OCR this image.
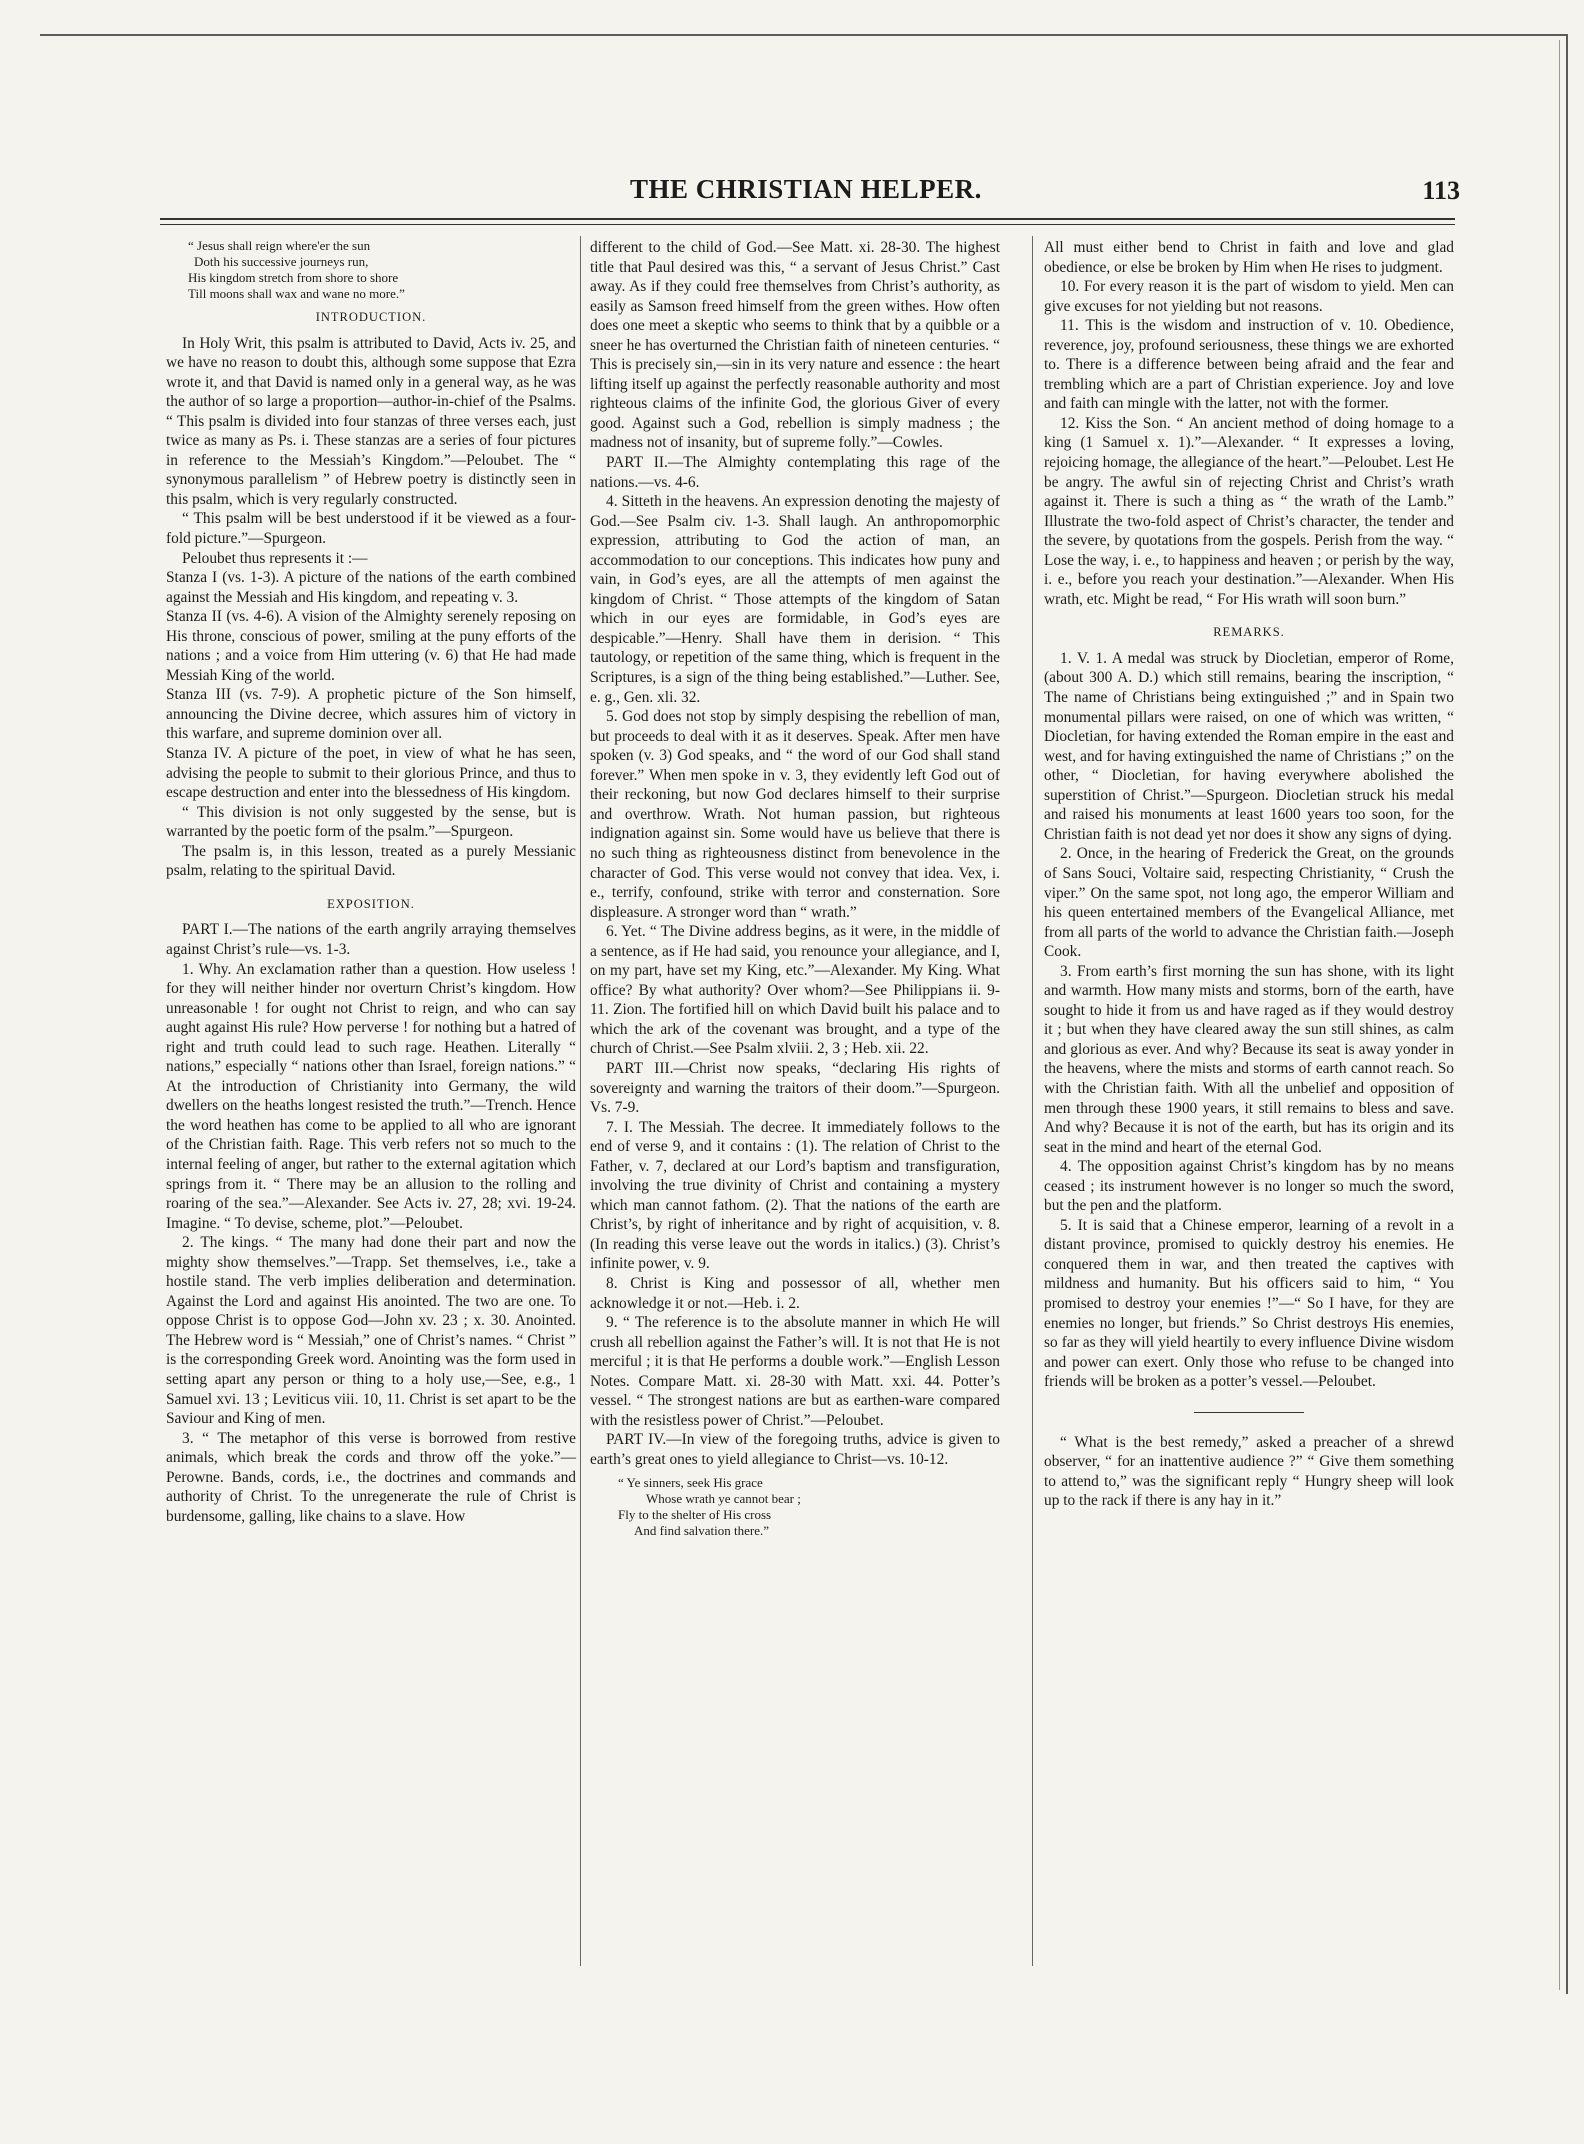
THE CHRISTIAN HELPER.	113
“ Jesus shall reign where'er the sun
Doth his successive journeys run,
His kingdom stretch from shore to shore
Till moons shall wax and wane no more.”
INTRODUCTION.

In Holy Writ, this psalm is attributed to David, Acts iv. 25, and we have no reason to doubt this, although some suppose that Ezra wrote it, and that David is named only in a general way, as he was the author of so large a proportion—author-in-chief of the Psalms. “ This psalm is divided into four stanzas of three verses each, just twice as many as Ps. i. These stanzas are a series of four pictures in reference to the Messiah’s Kingdom.”—Peloubet. The “ synonymous parallelism ” of Hebrew poetry is distinctly seen in this psalm, which is very regularly constructed.

“ This psalm will be best understood if it be viewed as a four-fold picture.”—Spurgeon.

Peloubet thus represents it :—

Stanza I (vs. 1-3). A picture of the nations of the earth combined against the Messiah and His kingdom, and repeating v. 3.

Stanza II (vs. 4-6). A vision of the Almighty serenely reposing on His throne, conscious of power, smiling at the puny efforts of the nations ; and a voice from Him uttering (v. 6) that He had made Messiah King of the world.

Stanza III (vs. 7-9). A prophetic picture of the Son himself, announcing the Divine decree, which assures him of victory in this warfare, and supreme dominion over all.

Stanza IV. A picture of the poet, in view of what he has seen, advising the people to submit to their glorious Prince, and thus to escape destruction and enter into the blessedness of His kingdom.

“ This division is not only suggested by the sense, but is warranted by the poetic form of the psalm.”—Spurgeon.

The psalm is, in this lesson, treated as a purely Messianic psalm, relating to the spiritual David.

EXPOSITION.

PART I.—The nations of the earth angrily arraying themselves against Christ’s rule—vs. 1-3.

1. Why. An exclamation rather than a question. How useless ! for they will neither hinder nor overturn Christ’s kingdom. How unreasonable ! for ought not Christ to reign, and who can say aught against His rule? How perverse ! for nothing but a hatred of right and truth could lead to such rage. Heathen. Literally “ nations,” especially “ nations other than Israel, foreign nations.” “ At the introduction of Christianity into Germany, the wild dwellers on the heaths longest resisted the truth.”—Trench. Hence the word heathen has come to be applied to all who are ignorant of the Christian faith. Rage. This verb refers not so much to the internal feeling of anger, but rather to the external agitation which springs from it. “ There may be an allusion to the rolling and roaring of the sea.”—Alexander. See Acts iv. 27, 28; xvi. 19-24. Imagine. “ To devise, scheme, plot.”—Peloubet.

2. The kings. “ The many had done their part and now the mighty show themselves.”—Trapp. Set themselves, i.e., take a hostile stand. The verb implies deliberation and determination. Against the Lord and against His anointed. The two are one. To oppose Christ is to oppose God—John xv. 23 ; x. 30. Anointed. The Hebrew word is “ Messiah,” one of Christ’s names. “ Christ ” is the corresponding Greek word. Anointing was the form used in setting apart any person or thing to a holy use,—See, e.g., 1 Samuel xvi. 13 ; Leviticus viii. 10, 11. Christ is set apart to be the Saviour and King of men.

3. “ The metaphor of this verse is borrowed from restive animals, which break the cords and throw off the yoke.”—Perowne. Bands, cords, i.e., the doctrines and commands and authority of Christ. To the unregenerate the rule of Christ is burdensome, galling, like chains to a slave. How

different to the child of God.—See Matt. xi. 28-30. The highest title that Paul desired was this, “ a servant of Jesus Christ.” Cast away. As if they could free themselves from Christ’s authority, as easily as Samson freed himself from the green withes. How often does one meet a skeptic who seems to think that by a quibble or a sneer he has overturned the Christian faith of nineteen centuries. “ This is precisely sin,—sin in its very nature and essence : the heart lifting itself up against the perfectly reasonable authority and most righteous claims of the infinite God, the glorious Giver of every good. Against such a God, rebellion is simply madness ; the madness not of insanity, but of supreme folly.”—Cowles.

PART II.—The Almighty contemplating this rage of the nations.—vs. 4-6.

4. Sitteth in the heavens. An expression denoting the majesty of God.—See Psalm civ. 1-3. Shall laugh. An anthropomorphic expression, attributing to God the action of man, an accommodation to our conceptions. This indicates how puny and vain, in God’s eyes, are all the attempts of men against the kingdom of Christ. “ Those attempts of the kingdom of Satan which in our eyes are formidable, in God’s eyes are despicable.”—Henry. Shall have them in derision. “ This tautology, or repetition of the same thing, which is frequent in the Scriptures, is a sign of the thing being established.”—Luther. See, e. g., Gen. xli. 32.

5. God does not stop by simply despising the rebellion of man, but proceeds to deal with it as it deserves. Speak. After men have spoken (v. 3) God speaks, and “ the word of our God shall stand forever.” When men spoke in v. 3, they evidently left God out of their reckoning, but now God declares himself to their surprise and overthrow. Wrath. Not human passion, but righteous indignation against sin. Some would have us believe that there is no such thing as righteousness distinct from benevolence in the character of God. This verse would not convey that idea. Vex, i. e., terrify, confound, strike with terror and consternation. Sore displeasure. A stronger word than “ wrath.”

6. Yet. “ The Divine address begins, as it were, in the middle of a sentence, as if He had said, you renounce your allegiance, and I, on my part, have set my King, etc.”—Alexander. My King. What office? By what authority? Over whom?—See Philippians ii. 9-11. Zion. The fortified hill on which David built his palace and to which the ark of the covenant was brought, and a type of the church of Christ.—See Psalm xlviii. 2, 3 ; Heb. xii. 22.

PART III.—Christ now speaks, “declaring His rights of sovereignty and warning the traitors of their doom.”—Spurgeon. Vs. 7-9.

7. I. The Messiah. The decree. It immediately follows to the end of verse 9, and it contains : (1). The relation of Christ to the Father, v. 7, declared at our Lord’s baptism and transfiguration, involving the true divinity of Christ and containing a mystery which man cannot fathom. (2). That the nations of the earth are Christ’s, by right of inheritance and by right of acquisition, v. 8. (In reading this verse leave out the words in italics.) (3). Christ’s infinite power, v. 9.

8. Christ is King and possessor of all, whether men acknowledge it or not.—Heb. i. 2.

9. “ The reference is to the absolute manner in which He will crush all rebellion against the Father’s will. It is not that He is not merciful ; it is that He performs a double work.”—English Lesson Notes. Compare Matt. xi. 28-30 with Matt. xxi. 44. Potter’s vessel. “ The strongest nations are but as earthen-ware compared with the resistless power of Christ.”—Peloubet.

PART IV.—In view of the foregoing truths, advice is given to earth’s great ones to yield allegiance to Christ—vs. 10-12.

“ Ye sinners, seek His grace
Whose wrath ye cannot bear ;
Fly to the shelter of His cross
And find salvation there.”

All must either bend to Christ in faith and love and glad obedience, or else be broken by Him when He rises to judgment.

10. For every reason it is the part of wisdom to yield. Men can give excuses for not yielding but not reasons.

11. This is the wisdom and instruction of v. 10. Obedience, reverence, joy, profound seriousness, these things we are exhorted to. There is a difference between being afraid and the fear and trembling which are a part of Christian experience. Joy and love and faith can mingle with the latter, not with the former.

12. Kiss the Son. “ An ancient method of doing homage to a king (1 Samuel x. 1).”—Alexander. “ It expresses a loving, rejoicing homage, the allegiance of the heart.”—Peloubet. Lest He be angry. The awful sin of rejecting Christ and Christ’s wrath against it. There is such a thing as “ the wrath of the Lamb.” Illustrate the two-fold aspect of Christ’s character, the tender and the severe, by quotations from the gospels. Perish from the way. “ Lose the way, i. e., to happiness and heaven ; or perish by the way, i. e., before you reach your destination.”—Alexander. When His wrath, etc. Might be read, “ For His wrath will soon burn.”

REMARKS.

1. V. 1. A medal was struck by Diocletian, emperor of Rome, (about 300 A. D.) which still remains, bearing the inscription, “ The name of Christians being extinguished ;” and in Spain two monumental pillars were raised, on one of which was written, “ Diocletian, for having extended the Roman empire in the east and west, and for having extinguished the name of Christians ;” on the other, “ Diocletian, for having everywhere abolished the superstition of Christ.”—Spurgeon. Diocletian struck his medal and raised his monuments at least 1600 years too soon, for the Christian faith is not dead yet nor does it show any signs of dying.

2. Once, in the hearing of Frederick the Great, on the grounds of Sans Souci, Voltaire said, respecting Christianity, “ Crush the viper.” On the same spot, not long ago, the emperor William and his queen entertained members of the Evangelical Alliance, met from all parts of the world to advance the Christian faith.—Joseph Cook.

3. From earth’s first morning the sun has shone, with its light and warmth. How many mists and storms, born of the earth, have sought to hide it from us and have raged as if they would destroy it ; but when they have cleared away the sun still shines, as calm and glorious as ever. And why? Because its seat is away yonder in the heavens, where the mists and storms of earth cannot reach. So with the Christian faith. With all the unbelief and opposition of men through these 1900 years, it still remains to bless and save. And why? Because it is not of the earth, but has its origin and its seat in the mind and heart of the eternal God.

4. The opposition against Christ’s kingdom has by no means ceased ; its instrument however is no longer so much the sword, but the pen and the platform.

5. It is said that a Chinese emperor, learning of a revolt in a distant province, promised to quickly destroy his enemies. He conquered them in war, and then treated the captives with mildness and humanity. But his officers said to him, “ You promised to destroy your enemies !”—“ So I have, for they are enemies no longer, but friends.” So Christ destroys His enemies, so far as they will yield heartily to every influence Divine wisdom and power can exert. Only those who refuse to be changed into friends will be broken as a potter’s vessel.—Peloubet.

“ What is the best remedy,” asked a preacher of a shrewd observer, “ for an inattentive audience ?” “ Give them something to attend to,” was the significant reply “ Hungry sheep will look up to the rack if there is any hay in it.”
